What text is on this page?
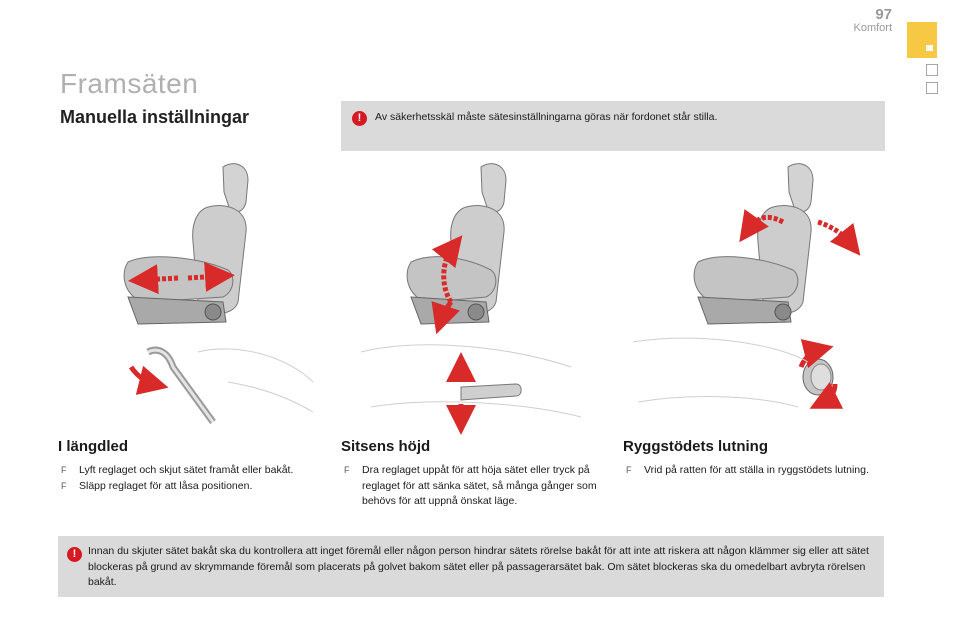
97
Komfort
Framsäten
Manuella inställningar	!	Av säkerhetsskäl måste sätesinställningarna göras när fordonet står stilla.
I längdled
F Lyft reglaget och skjut sätet framåt eller bakåt.
F Släpp reglaget för att låsa positionen.
Sitsens höjd
F Dra reglaget uppåt för att höja sätet eller tryck på reglaget för att sänka sätet, så många gånger som behövs för att uppnå önskat läge.
Ryggstödets lutning
F Vrid på ratten för att ställa in ryggstödets lutning.
!	Innan du skjuter sätet bakåt ska du kontrollera att inget föremål eller någon person hindrar sätets rörelse bakåt för att inte att riskera att någon klämmer sig eller att sätet blockeras på grund av skrymmande föremål som placerats på golvet bakom sätet eller på passagerarsätet bak. Om sätet blockeras ska du omedelbart avbryta rörelsen bakåt.
